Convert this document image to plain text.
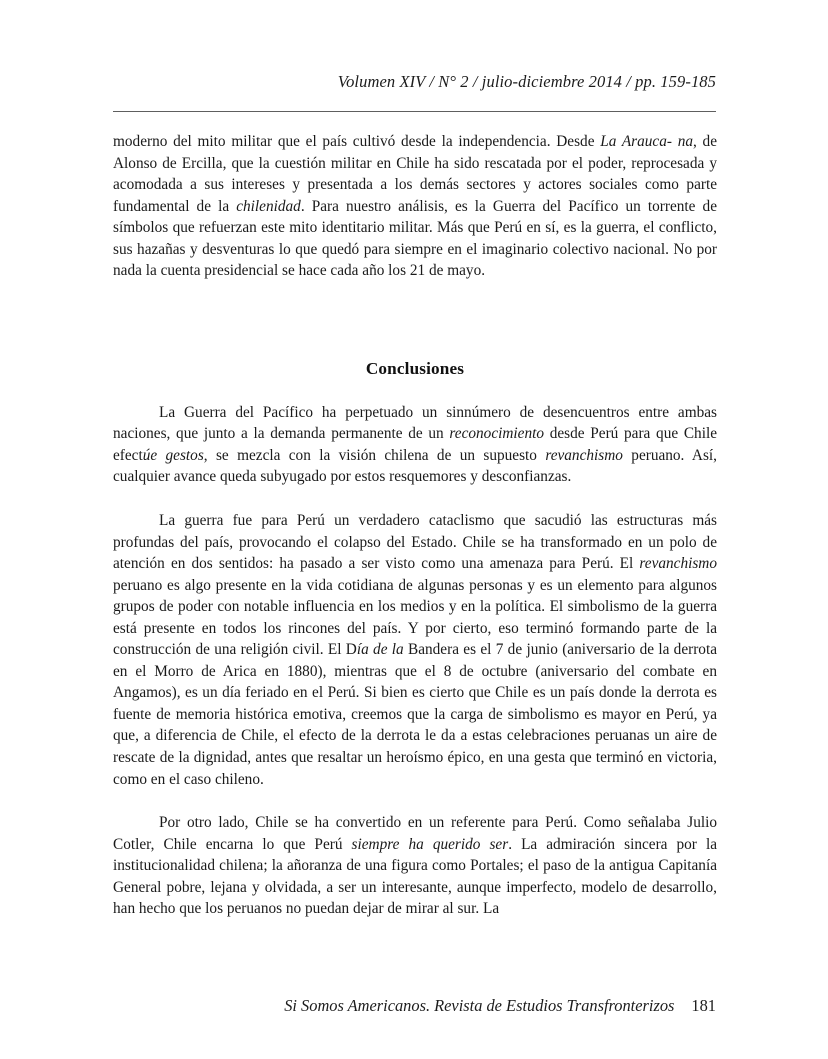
Volumen XIV / N° 2 / julio-diciembre 2014 / pp. 159-185

moderno del mito militar que el país cultivó desde la independencia. Desde La Arauca- na, de Alonso de Ercilla, que la cuestión militar en Chile ha sido rescatada por el poder, reprocesada y acomodada a sus intereses y presentada a los demás sectores y actores sociales como parte fundamental de la chilenidad. Para nuestro análisis, es la Guerra del Pacífico un torrente de símbolos que refuerzan este mito identitario militar. Más que Perú en sí, es la guerra, el conflicto, sus hazañas y desventuras lo que quedó para siempre en el imaginario colectivo nacional. No por nada la cuenta presidencial se hace cada año los 21 de mayo.

Conclusiones

La Guerra del Pacífico ha perpetuado un sinnúmero de desencuentros entre ambas naciones, que junto a la demanda permanente de un reconocimiento desde Perú para que Chile efectúe gestos, se mezcla con la visión chilena de un supuesto revanchismo peruano. Así, cualquier avance queda subyugado por estos resquemores y desconfianzas.

La guerra fue para Perú un verdadero cataclismo que sacudió las estructuras más profundas del país, provocando el colapso del Estado. Chile se ha transformado en un polo de atención en dos sentidos: ha pasado a ser visto como una amenaza para Perú. El revanchismo peruano es algo presente en la vida cotidiana de algunas personas y es un elemento para algunos grupos de poder con notable influencia en los medios y en la política. El simbolismo de la guerra está presente en todos los rincones del país. Y por cierto, eso terminó formando parte de la construcción de una religión civil. El Día de la Bandera es el 7 de junio (aniversario de la derrota en el Morro de Arica en 1880), mientras que el 8 de octubre (aniversario del combate en Angamos), es un día feriado en el Perú. Si bien es cierto que Chile es un país donde la derrota es fuente de memoria histórica emotiva, creemos que la carga de simbolismo es mayor en Perú, ya que, a diferencia de Chile, el efecto de la derrota le da a estas celebraciones peruanas un aire de rescate de la dignidad, antes que resaltar un heroísmo épico, en una gesta que terminó en victoria, como en el caso chileno.

Por otro lado, Chile se ha convertido en un referente para Perú. Como señalaba Julio Cotler, Chile encarna lo que Perú siempre ha querido ser. La admiración sincera por la institucionalidad chilena; la añoranza de una figura como Portales; el paso de la antigua Capitanía General pobre, lejana y olvidada, a ser un interesante, aunque imperfecto, modelo de desarrollo, han hecho que los peruanos no puedan dejar de mirar al sur. La

Si Somos Americanos. Revista de Estudios Transfronterizos 181
